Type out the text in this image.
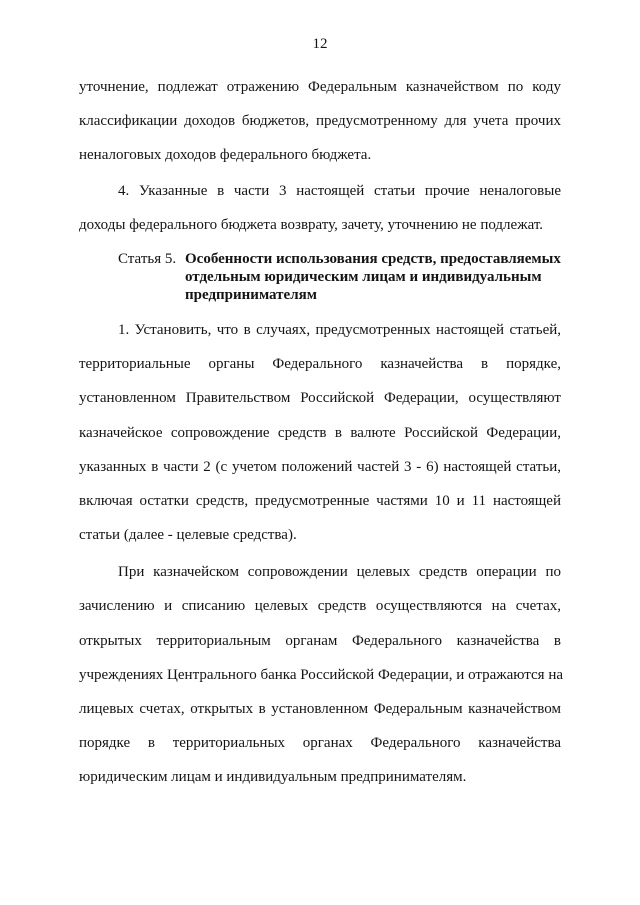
12
уточнение, подлежат отражению Федеральным казначейством по коду
классификации доходов бюджетов, предусмотренному для учета прочих
неналоговых доходов федерального бюджета.
4. Указанные в части 3 настоящей статьи прочие неналоговые
доходы федерального бюджета возврату, зачету, уточнению не подлежат.
Статья 5. Особенности использования средств, предоставляемых
отдельным юридическим лицам и индивидуальным
предпринимателям
1. Установить, что в случаях, предусмотренных настоящей статьей,
территориальные органы Федерального казначейства в порядке,
установленном Правительством Российской Федерации, осуществляют
казначейское сопровождение средств в валюте Российской Федерации,
указанных в части 2 (с учетом положений частей 3 - 6) настоящей статьи,
включая остатки средств, предусмотренные частями 10 и 11 настоящей
статьи (далее - целевые средства).
При казначейском сопровождении целевых средств операции по
зачислению и списанию целевых средств осуществляются на счетах,
открытых территориальным органам Федерального казначейства в
учреждениях Центрального банка Российской Федерации, и отражаются на
лицевых счетах, открытых в установленном Федеральным казначейством
порядке в территориальных органах Федерального казначейства
юридическим лицам и индивидуальным предпринимателям.
